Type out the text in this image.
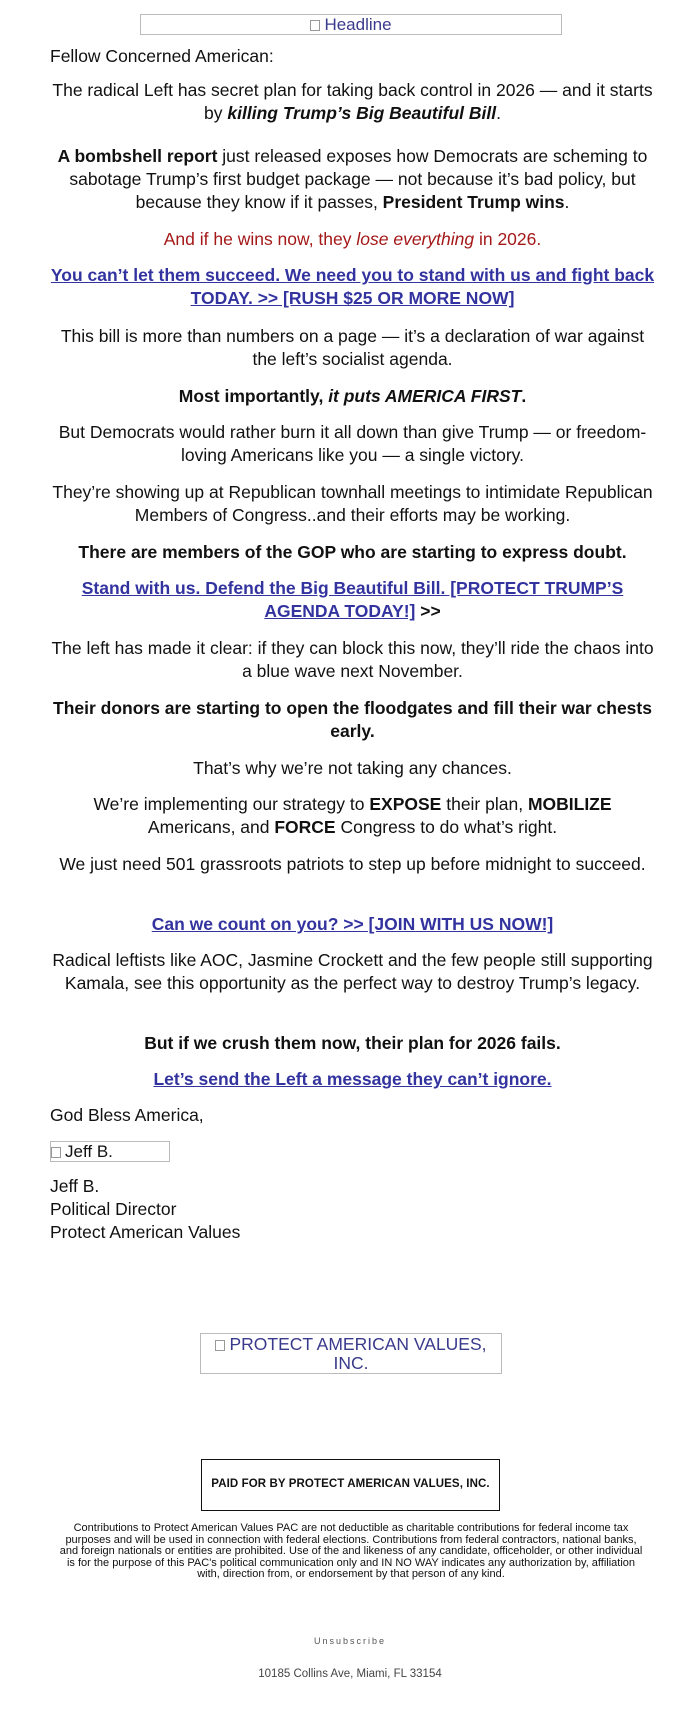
Headline

Fellow Concerned American:

The radical Left has secret plan for taking back control in 2026 — and it starts by killing Trump’s Big Beautiful Bill.

A bombshell report just released exposes how Democrats are scheming to sabotage Trump’s first budget package — not because it’s bad policy, but because they know if it passes, President Trump wins.

And if he wins now, they lose everything in 2026.

You can’t let them succeed. We need you to stand with us and fight back TODAY. >> [RUSH $25 OR MORE NOW]

This bill is more than numbers on a page — it’s a declaration of war against the left’s socialist agenda.

Most importantly, it puts AMERICA FIRST.

But Democrats would rather burn it all down than give Trump — or freedom-loving Americans like you — a single victory.

They’re showing up at Republican townhall meetings to intimidate Republican Members of Congress..and their efforts may be working.

There are members of the GOP who are starting to express doubt.

Stand with us. Defend the Big Beautiful Bill. [PROTECT TRUMP’S AGENDA TODAY!] >>

The left has made it clear: if they can block this now, they’ll ride the chaos into a blue wave next November.

Their donors are starting to open the floodgates and fill their war chests early.

That’s why we’re not taking any chances.

We’re implementing our strategy to EXPOSE their plan, MOBILIZE Americans, and FORCE Congress to do what’s right.

We just need 501 grassroots patriots to step up before midnight to succeed.

Can we count on you? >> [JOIN WITH US NOW!]

Radical leftists like AOC, Jasmine Crockett and the few people still supporting Kamala, see this opportunity as the perfect way to destroy Trump’s legacy.

But if we crush them now, their plan for 2026 fails.

Let’s send the Left a message they can’t ignore.

God Bless America,

Jeff B.

Jeff B.

Political Director

Protect American Values

PROTECT AMERICAN VALUES, INC.
PAID FOR BY PROTECT AMERICAN VALUES, INC.
Contributions to Protect American Values PAC are not deductible as charitable contributions for federal income tax purposes and will be used in connection with federal elections. Contributions from federal contractors, national banks, and foreign nationals or entities are prohibited. Use of the and likeness of any candidate, officeholder, or other individual is for the purpose of this PAC's political communication only and IN NO WAY indicates any authorization by, affiliation with, direction from, or endorsement by that person of any kind.
Unsubscribe
10185 Collins Ave, Miami, FL 33154
